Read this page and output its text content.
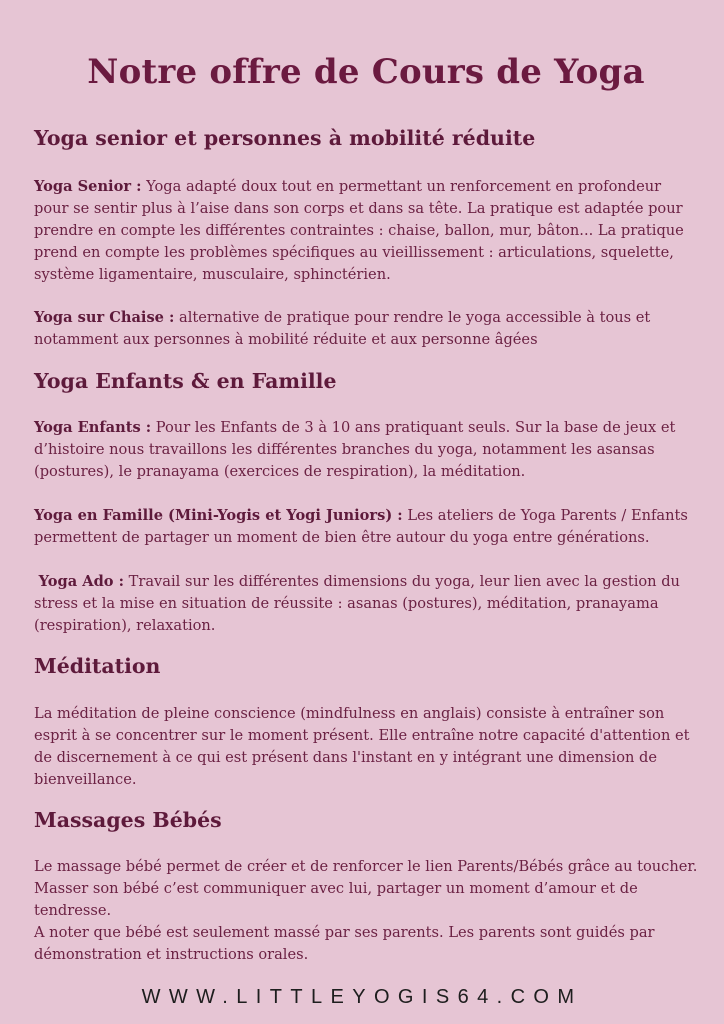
Notre offre de Cours de Yoga
Yoga senior et personnes à mobilité réduite

Yoga Senior : Yoga adapté doux tout en permettant un renforcement en profondeur pour se sentir plus à l’aise dans son corps et dans sa tête. La pratique est adaptée pour prendre en compte les différentes contraintes : chaise, ballon, mur, bâton... La pratique prend en compte les problèmes spécifiques au vieillissement : articulations, squelette, système ligamentaire, musculaire, sphinctérien.

Yoga sur Chaise : alternative de pratique pour rendre le yoga accessible à tous et notamment aux personnes à mobilité réduite et aux personne âgées

Yoga Enfants & en Famille

Yoga Enfants : Pour les Enfants de 3 à 10 ans pratiquant seuls. Sur la base de jeux et d’histoire nous travaillons les différentes branches du yoga, notamment les asansas (postures), le pranayama (exercices de respiration), la méditation.

Yoga en Famille (Mini-Yogis et Yogi Juniors) : Les ateliers de Yoga Parents / Enfants permettent de partager un moment de bien être autour du yoga entre générations.

Yoga Ado : Travail sur les différentes dimensions du yoga, leur lien avec la gestion du stress et la mise en situation de réussite : asanas (postures), méditation, pranayama (respiration), relaxation.

Méditation

La méditation de pleine conscience (mindfulness en anglais) consiste à entraîner son esprit à se concentrer sur le moment présent. Elle entraîne notre capacité d'attention et de discernement à ce qui est présent dans l'instant en y intégrant une dimension de bienveillance.

Massages Bébés

Le massage bébé permet de créer et de renforcer le lien Parents/Bébés grâce au toucher. Masser son bébé c’est communiquer avec lui, partager un moment d’amour et de tendresse.

A noter que bébé est seulement massé par ses parents. Les parents sont guidés par démonstration et instructions orales.

WWW.LITTLEYOGIS64.COM
